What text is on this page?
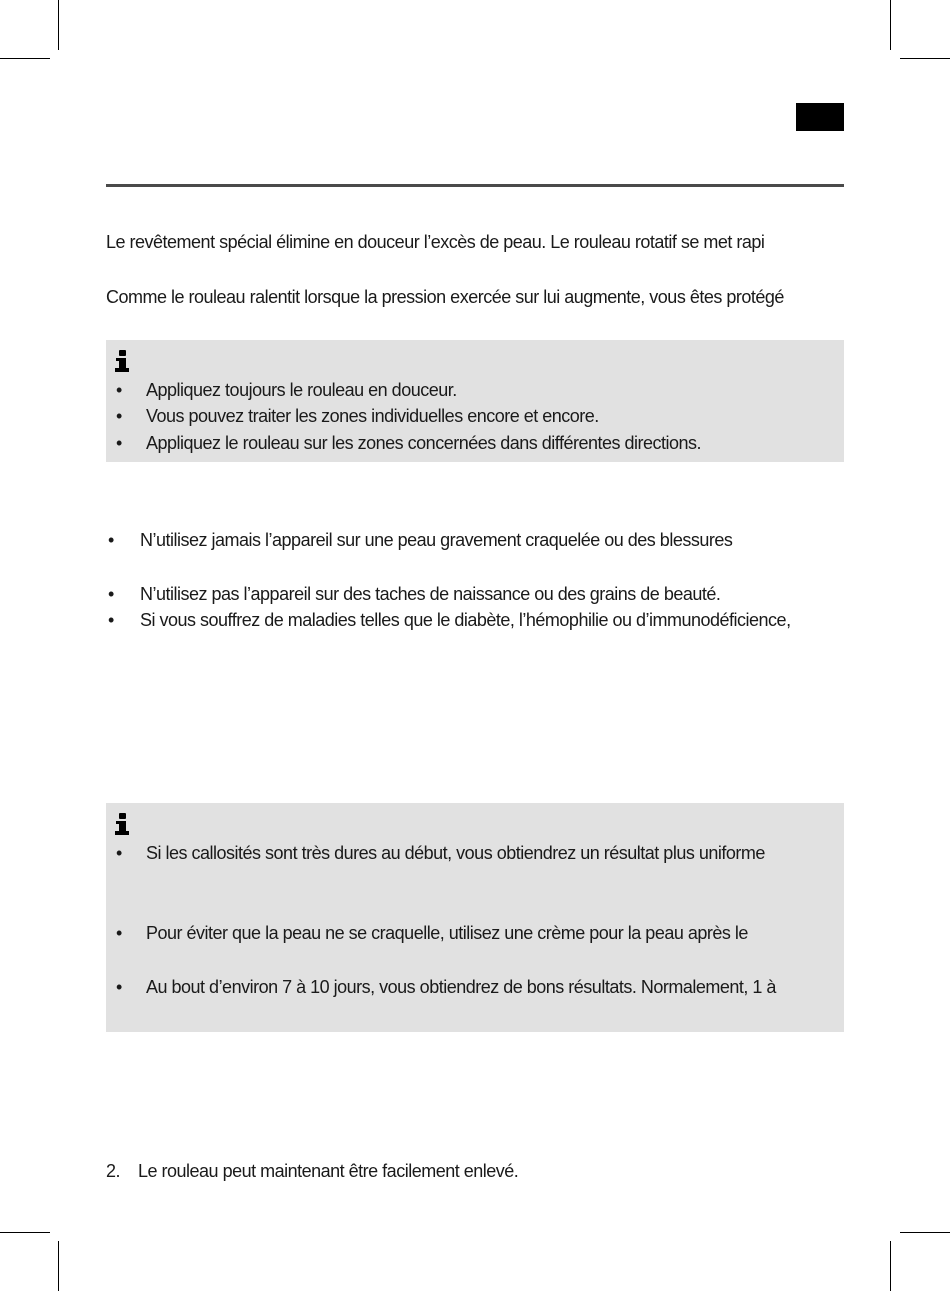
Le revêtement spécial élimine en douceur l’excès de peau. Le rouleau rotatif se met rapi

Comme le rouleau ralentit lorsque la pression exercée sur lui augmente, vous êtes protégé

• Appliquez toujours le rouleau en douceur.
• Vous pouvez traiter les zones individuelles encore et encore.
• Appliquez le rouleau sur les zones concernées dans différentes directions.
• N’utilisez jamais l’appareil sur une peau gravement craquelée ou des blessures
• N’utilisez pas l’appareil sur des taches de naissance ou des grains de beauté.
• Si vous souffrez de maladies telles que le diabète, l’hémophilie ou d’immunodéficience,
• Si les callosités sont très dures au début, vous obtiendrez un résultat plus uniforme
• Pour éviter que la peau ne se craquelle, utilisez une crème pour la peau après le
• Au bout d’environ 7 à 10 jours, vous obtiendrez de bons résultats. Normalement, 1 à
2. Le rouleau peut maintenant être facilement enlevé.
